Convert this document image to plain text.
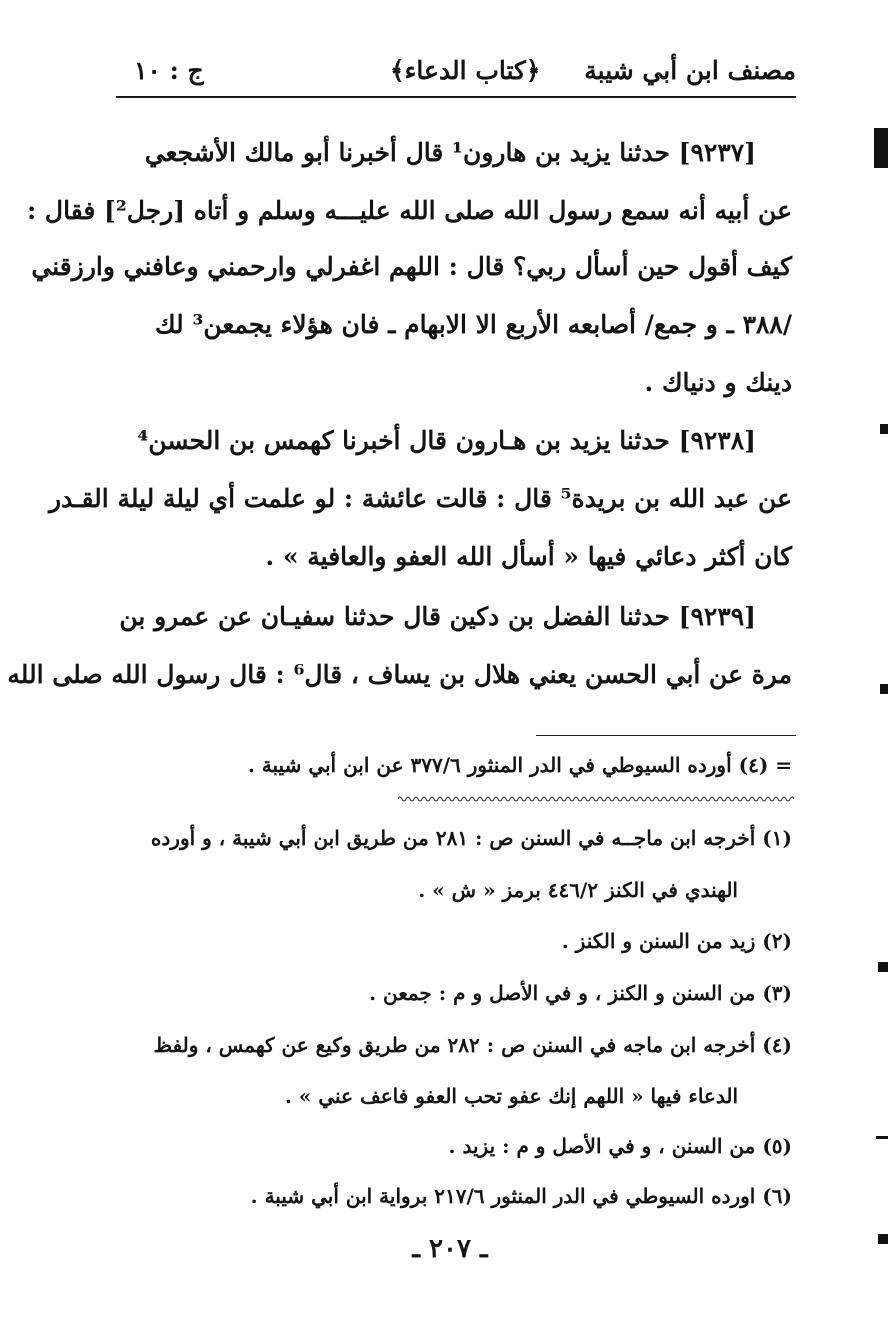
مصنف ابن أبي شيبة
﴿كتاب الدعاء﴾
ج : ١٠
[٩٢٣٧] حدثنا يزيد بن هارون¹ قال أخبرنا أبو مالك الأشجعي
عن أبيه أنه سمع رسول الله صلى الله عليـــه وسلم و أتاه [رجل²] فقال :
كيف أقول حين أسأل ربي؟ قال : اللهم اغفرلي وارحمني وعافني وارزقني
/٣٨٨ ـ و جمع/ أصابعه الأربع الا الابهام ـ فان هؤلاء يجمعن³ لك
دينك و دنياك .
[٩٢٣٨] حدثنا يزيد بن هـارون قال أخبرنا كهمس بن الحسن⁴
عن عبد الله بن بريدة⁵ قال : قالت عائشة : لو علمت أي ليلة ليلة القـدر
كان أكثر دعائي فيها « أسأل الله العفو والعافية » .
[٩٢٣٩] حدثنا الفضل بن دكين قال حدثنا سفيـان عن عمرو بن
مرة عن أبي الحسن يعني هلال بن يساف ، قال⁶ : قال رسول الله صلى الله
= (٤) أورده السيوطي في الدر المنثور ٣٧٧/٦ عن ابن أبي شيبة .
(١) أخرجه ابن ماجــه في السنن ص : ٢٨١ من طريق ابن أبي شيبة ، و أورده
الهندي في الكنز ٤٤٦/٢ برمز « ش » .
(٢) زيد من السنن و الكنز .
(٣) من السنن و الكنز ، و في الأصل و م : جمعن .
(٤) أخرجه ابن ماجه في السنن ص : ٢٨٢ من طريق وكيع عن كهمس ، ولفظ
الدعاء فيها « اللهم إنك عفو تحب العفو فاعف عني » .
(٥) من السنن ، و في الأصل و م : يزيد .
(٦) اورده السيوطي في الدر المنثور ٢١٧/٦ برواية ابن أبي شيبة .
ـ ٢٠٧ ـ
